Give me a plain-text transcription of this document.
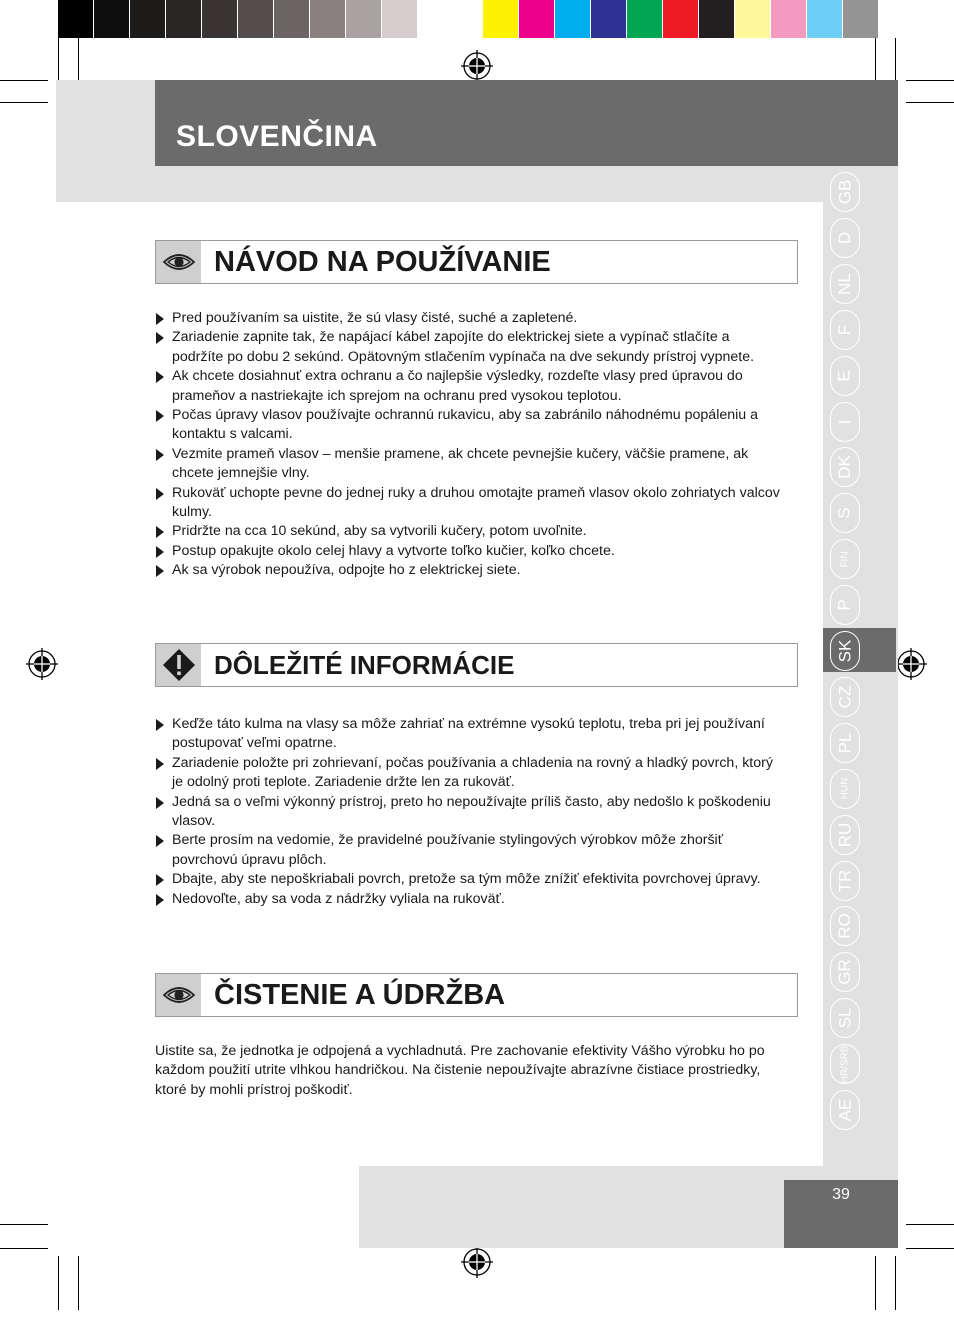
SLOVENČINA
GB
D
NL
F
E
I
DK
S
FIN
P
SK
CZ
PL
HUN
RU
TR
RO
GR
SL
HR/SRB
AE
NÁVOD NA POUŽÍVANIE
Pred používaním sa uistite, že sú vlasy čisté, suché a zapletené.
Zariadenie zapnite tak, že napájací kábel zapojíte do elektrickej siete a vypínač stlačíte a podržíte po dobu 2 sekúnd. Opätovným stlačením vypínača na dve sekundy prístroj vypnete.
Ak chcete dosiahnuť extra ochranu a čo najlepšie výsledky, rozdeľte vlasy pred úpravou do prameňov a nastriekajte ich sprejom na ochranu pred vysokou teplotou.
Počas úpravy vlasov používajte ochrannú rukavicu, aby sa zabránilo náhodnému popáleniu a kontaktu s valcami.
Vezmite prameň vlasov – menšie pramene, ak chcete pevnejšie kučery, väčšie pramene, ak chcete jemnejšie vlny.
Rukoväť uchopte pevne do jednej ruky a druhou omotajte prameň vlasov okolo zohriatych valcov kulmy.
Pridržte na cca 10 sekúnd, aby sa vytvorili kučery, potom uvoľnite.
Postup opakujte okolo celej hlavy a vytvorte toľko kučier, koľko chcete.
Ak sa výrobok nepoužíva, odpojte ho z elektrickej siete.
DÔLEŽITÉ INFORMÁCIE
Keďže táto kulma na vlasy sa môže zahriať na extrémne vysokú teplotu, treba pri jej používaní postupovať veľmi opatrne.
Zariadenie položte pri zohrievaní, počas používania a chladenia na rovný a hladký povrch, ktorý je odolný proti teplote. Zariadenie držte len za rukoväť.
Jedná sa o veľmi výkonný prístroj, preto ho nepoužívajte príliš často, aby nedošlo k poškodeniu vlasov.
Berte prosím na vedomie, že pravidelné používanie stylingových výrobkov môže zhoršiť povrchovú úpravu plôch.
Dbajte, aby ste nepoškriabali povrch, pretože sa tým môže znížiť efektivita povrchovej úpravy.
Nedovoľte, aby sa voda z nádržky vyliala na rukoväť.
ČISTENIE A ÚDRŽBA

Uistite sa, že jednotka je odpojená a vychladnutá. Pre zachovanie efektivity Vášho výrobku ho po každom použití utrite vlhkou handričkou. Na čistenie nepoužívajte abrazívne čistiace prostriedky, ktoré by mohli prístroj poškodiť.

39
